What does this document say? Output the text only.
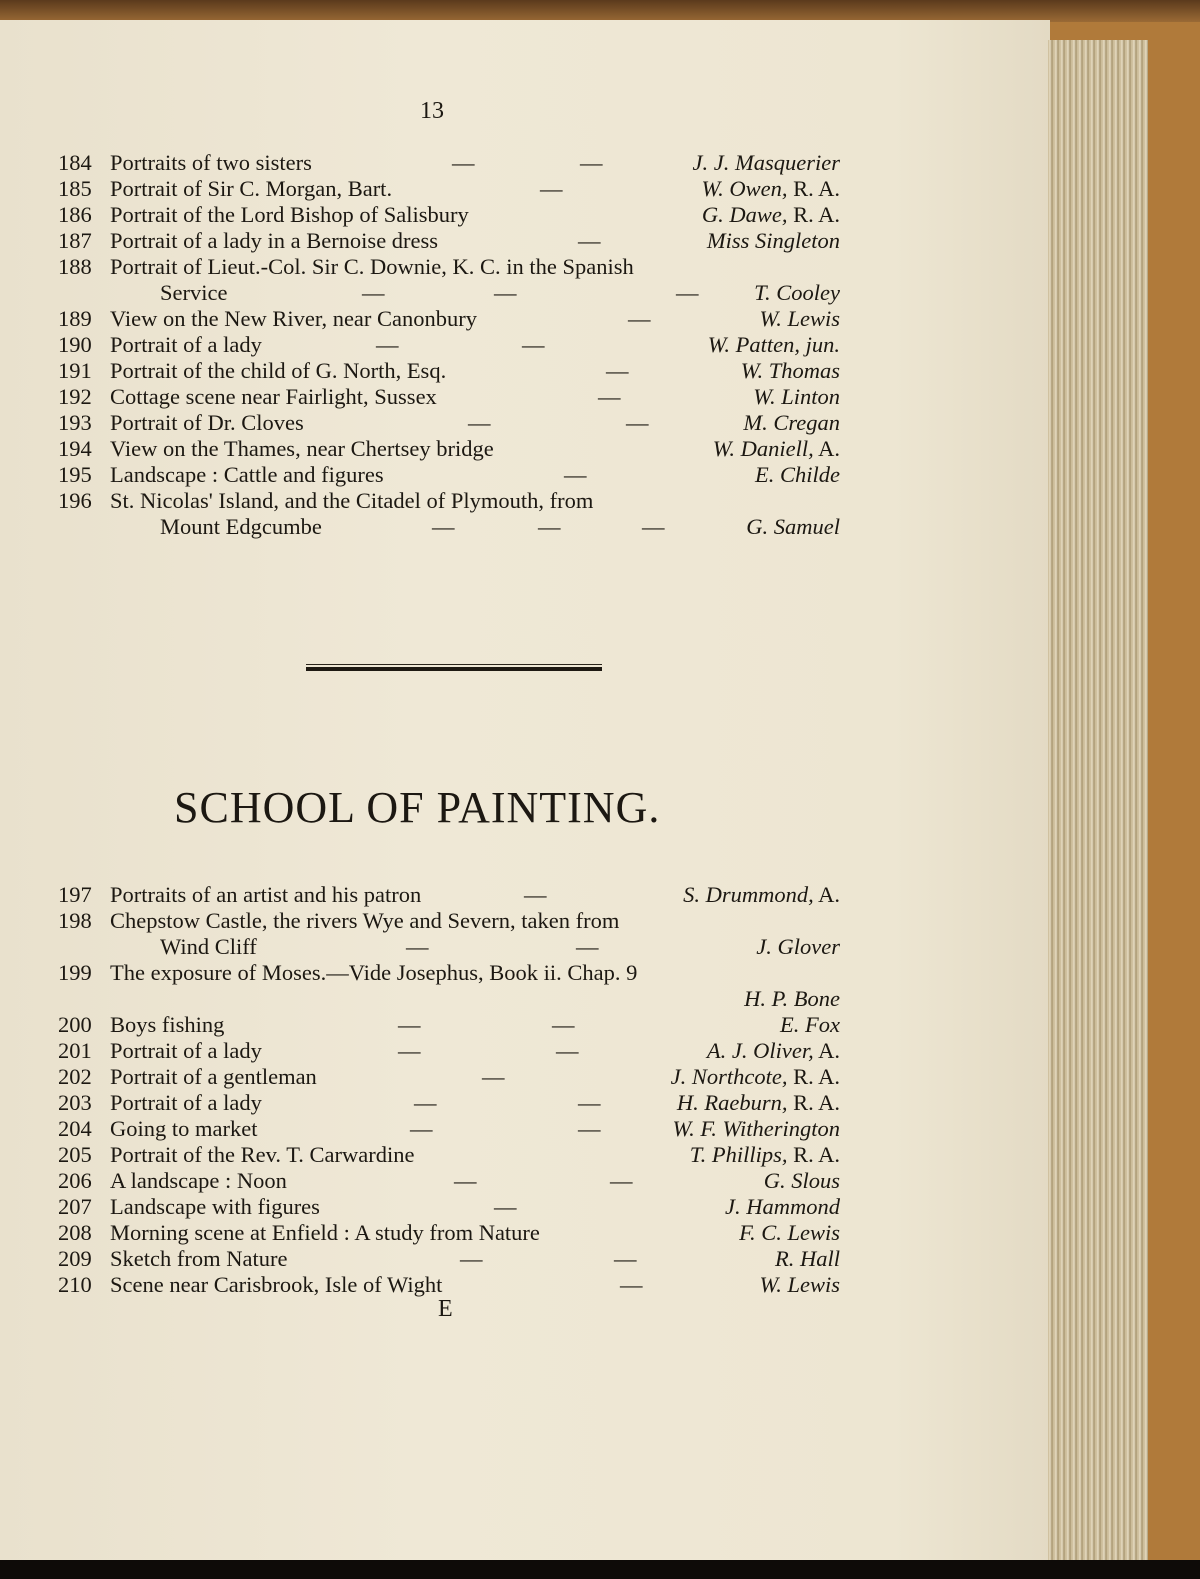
13
184 Portraits of two sisters	—	—	J. J. Masquerier
185 Portrait of Sir C. Morgan, Bart.	—	W. Owen, R. A.
186 Portrait of the Lord Bishop of Salisbury	G. Dawe, R. A.
187 Portrait of a lady in a Bernoise dress	—	Miss Singleton
188 Portrait of Lieut.-Col. Sir C. Downie, K. C. in the Spanish
Service	—	—	— T. Cooley
189 View on the New River, near Canonbury	—	W. Lewis
190 Portrait of a lady	—	—	W. Patten, jun.
191 Portrait of the child of G. North, Esq.	—	W. Thomas
192 Cottage scene near Fairlight, Sussex	—	W. Linton
193 Portrait of Dr. Cloves	—	—	M. Cregan
194 View on the Thames, near Chertsey bridge	W. Daniell, A.
195 Landscape : Cattle and figures	—	E. Childe
196 St. Nicolas' Island, and the Citadel of Plymouth, from
Mount Edgcumbe	—	—	—	G. Samuel
SCHOOL OF PAINTING.
197 Portraits of an artist and his patron	—	S. Drummond, A.
198 Chepstow Castle, the rivers Wye and Severn, taken from
Wind Cliff	—	—	J. Glover
199 The exposure of Moses.—Vide Josephus, Book ii. Chap. 9
H. P. Bone
200 Boys fishing	—	—	E. Fox
201 Portrait of a lady	—	—	A. J. Oliver, A.
202 Portrait of a gentleman	—	J. Northcote, R. A.
203 Portrait of a lady	—	—	H. Raeburn, R. A.
204 Going to market	—	—	W. F. Witherington
205 Portrait of the Rev. T. Carwardine	T. Phillips, R. A.
206 A landscape : Noon	—	—	G. Slous
207 Landscape with figures	—	J. Hammond
208 Morning scene at Enfield : A study from Nature	F. C. Lewis
209 Sketch from Nature	—	—	R. Hall
210 Scene near Carisbrook, Isle of Wight	—	W. Lewis
E
